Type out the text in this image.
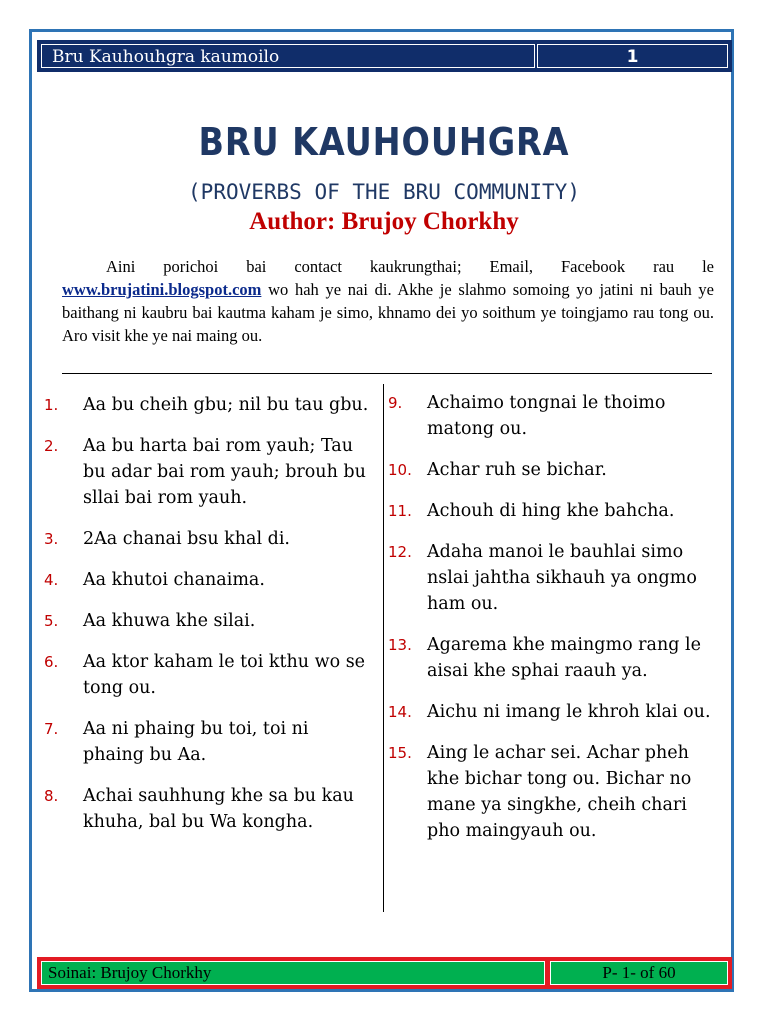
Bru Kauhouhgra kaumoilo	1
BRU KAUHOUHGRA
(PROVERBS OF THE BRU COMMUNITY)
Author: Brujoy Chorkhy
Aini porichoi bai contact kaukrungthai; Email, Facebook rau le www.brujatini.blogspot.com wo hah ye nai di. Akhe je slahmo somoing yo jatini ni bauh ye baithang ni kaubru bai kautma kaham je simo, khnamo dei yo soithum ye toingjamo rau tong ou. Aro visit khe ye nai maing ou.
1.	Aa bu cheih gbu; nil bu tau gbu.
2.	Aa bu harta bai rom yauh; Tau bu adar bai rom yauh; brouh bu sllai bai rom yauh.
3.	2Aa chanai bsu khal di.
4.	Aa khutoi chanaima.
5.	Aa khuwa khe silai.
6.	Aa ktor kaham le toi kthu wo se tong ou.
7.	Aa ni phaing bu toi, toi ni phaing bu Aa.
8.	Achai sauhhung khe sa bu kau khuha, bal bu Wa kongha.
9.	Achaimo tongnai le thoimo matong ou.
10. Achar ruh se bichar.
11. Achouh di hing khe bahcha.
12. Adaha manoi le bauhlai simo nslai jahtha sikhauh ya ongmo ham ou.
13. Agarema khe maingmo rang le aisai khe sphai raauh ya.
14. Aichu ni imang le khroh klai ou.
15. Aing le achar sei. Achar pheh khe bichar tong ou. Bichar no mane ya singkhe, cheih chari pho maingyauh ou.
Soinai: Brujoy Chorkhy	P- 1- of 60
